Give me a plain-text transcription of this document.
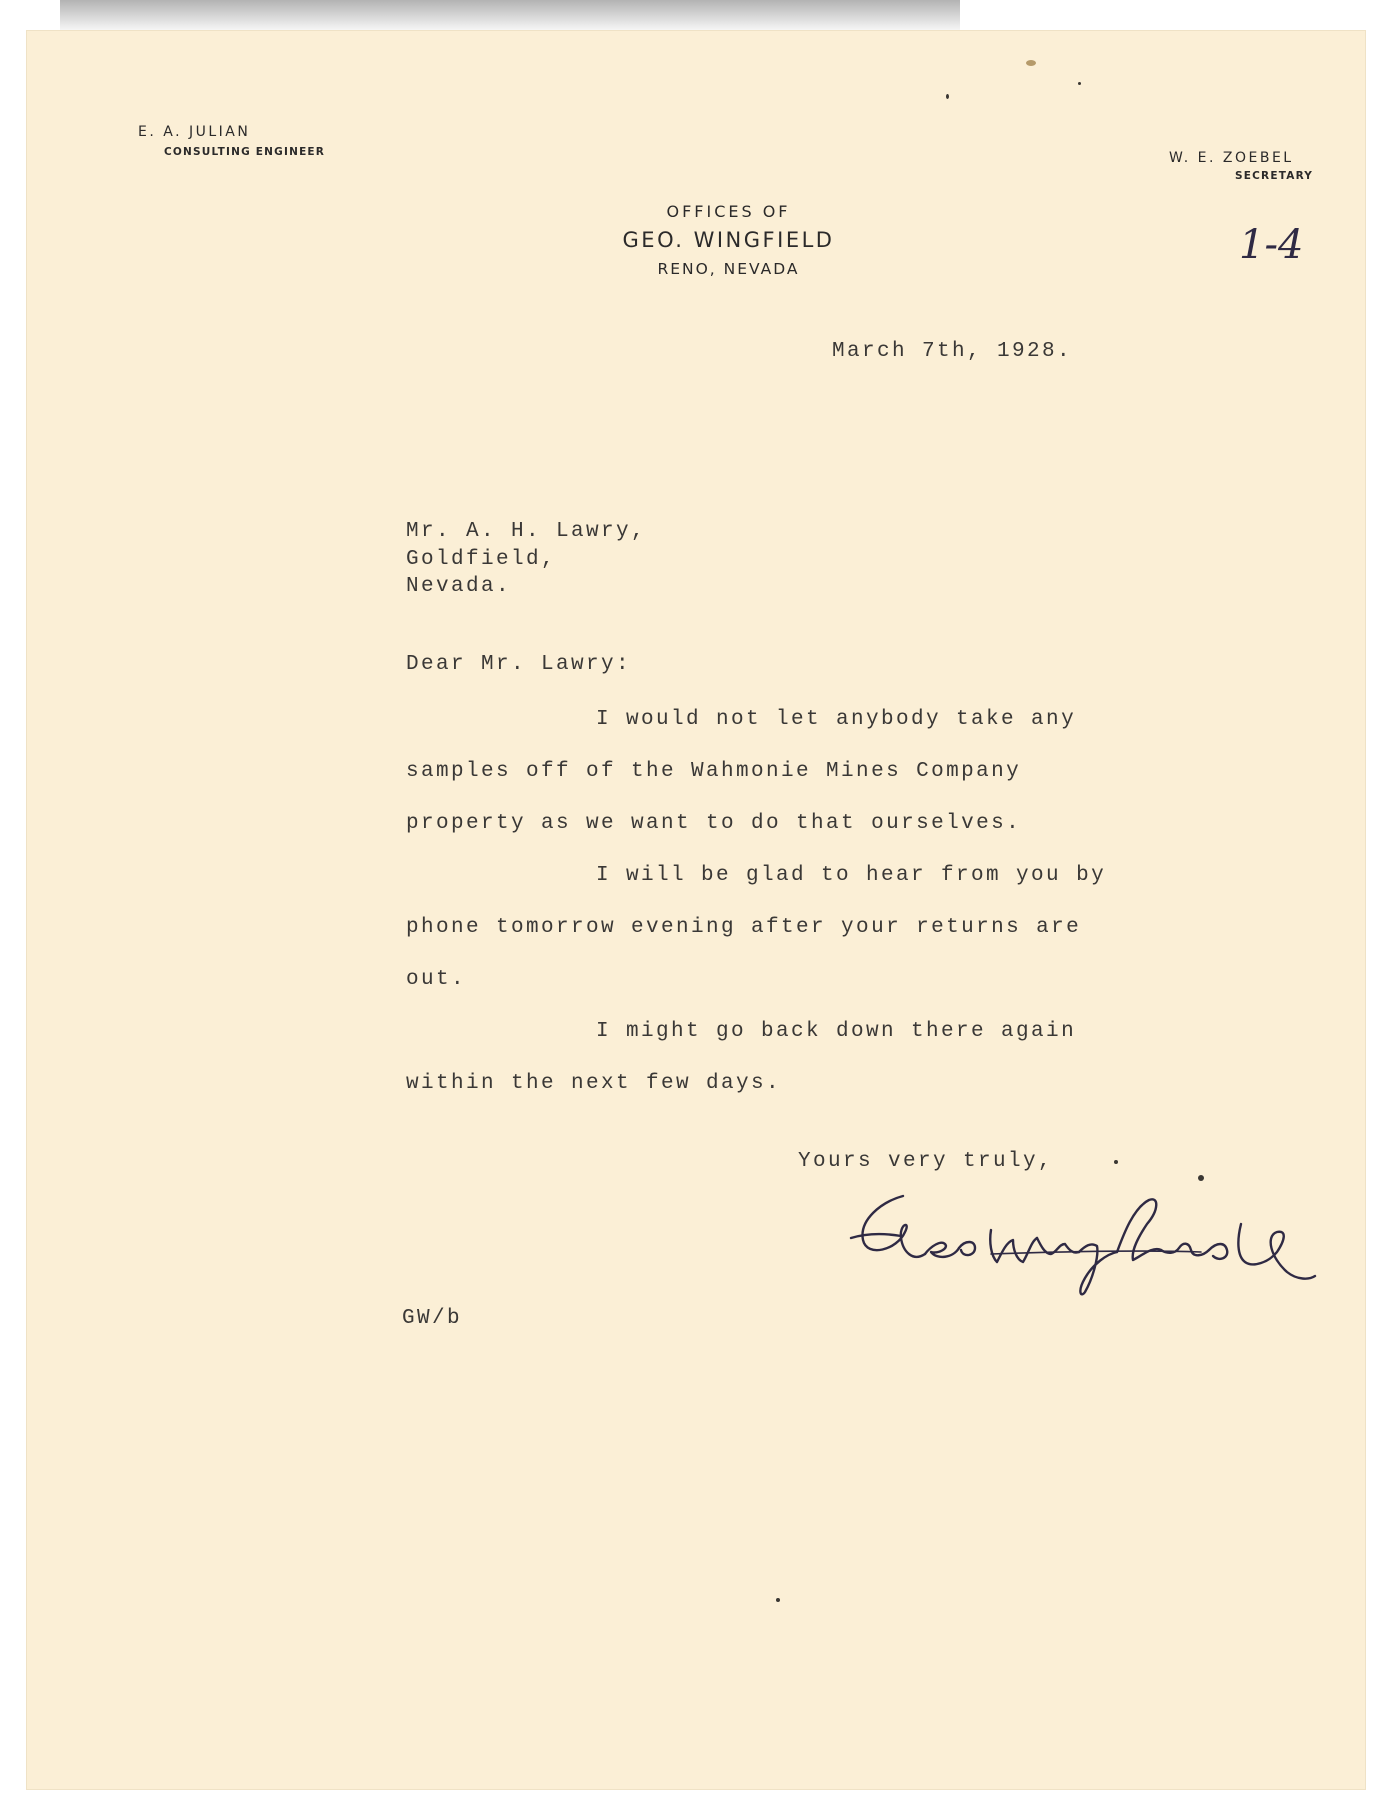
E. A. JULIAN
CONSULTING ENGINEER	W. E. ZOEBEL
SECRETARY
OFFICES OF
GEO. WINGFIELD
RENO, NEVADA
1-4
March 7th, 1928.
Mr. A. H. Lawry,
Goldfield,
Nevada.
Dear Mr. Lawry:
I would not let anybody take any
samples off of the Wahmonie Mines Company
property as we want to do that ourselves.
I will be glad to hear from you by
phone tomorrow evening after your returns are
out.
I might go back down there again
within the next few days.
Yours very truly,
GW/b
